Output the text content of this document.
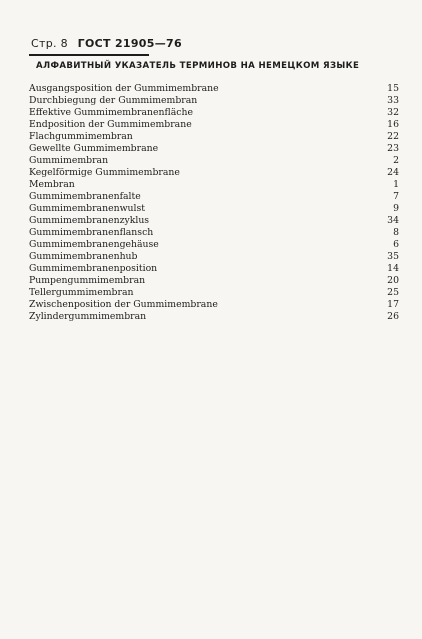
Стр. 8 ГОСТ 21905—76
АЛФАВИТНЫЙ УКАЗАТЕЛЬ ТЕРМИНОВ НА НЕМЕЦКОМ ЯЗЫКЕ
Ausgangsposition der Gummimembrane	15
Durchbiegung der Gummimembran	33
Effektive Gummimembranenfläche	32
Endposition der Gummimembrane	16
Flachgummimembran	22
Gewellte Gummimembrane	23
Gummimembran	2
Kegelförmige Gummimembrane	24
Membran	1
Gummimembranenfalte	7
Gummimembranenwulst	9
Gummimembranenzyklus	34
Gummimembranenflansch	8
Gummimembranengehäuse	6
Gummimembranenhub	35
Gummimembranenposition	14
Pumpengummimembran	20
Tellergummimembran	25
Zwischenposition der Gummimembrane	17
Zylindergummimembran	26
